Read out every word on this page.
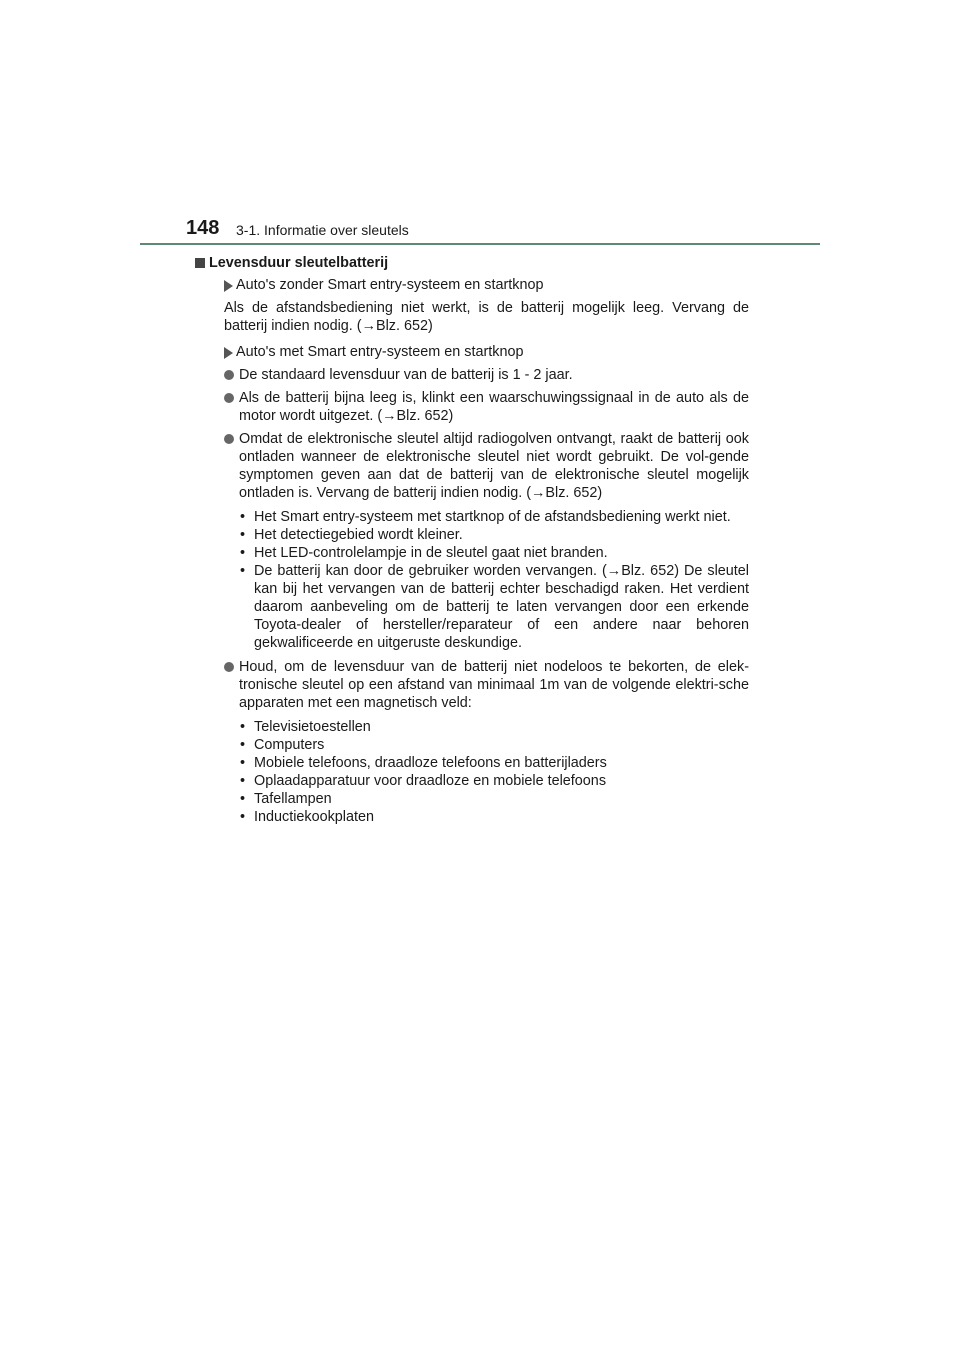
148 3-1. Informatie over sleutels
Levensduur sleutelbatterij
Auto's zonder Smart entry-systeem en startknop
Als de afstandsbediening niet werkt, is de batterij mogelijk leeg. Vervang de batterij indien nodig. (→Blz. 652)
Auto's met Smart entry-systeem en startknop
De standaard levensduur van de batterij is 1 - 2 jaar.
Als de batterij bijna leeg is, klinkt een waarschuwingssignaal in de auto als de motor wordt uitgezet. (→Blz. 652)
Omdat de elektronische sleutel altijd radiogolven ontvangt, raakt de batterij ook ontladen wanneer de elektronische sleutel niet wordt gebruikt. De vol-gende symptomen geven aan dat de batterij van de elektronische sleutel mogelijk ontladen is. Vervang de batterij indien nodig. (→Blz. 652)
• Het Smart entry-systeem met startknop of de afstandsbediening werkt niet.
• Het detectiegebied wordt kleiner.
• Het LED-controlelampje in de sleutel gaat niet branden.
• De batterij kan door de gebruiker worden vervangen. (→Blz. 652) De sleutel kan bij het vervangen van de batterij echter beschadigd raken. Het verdient daarom aanbeveling om de batterij te laten vervangen door een erkende Toyota-dealer of hersteller/reparateur of een andere naar behoren gekwalificeerde en uitgeruste deskundige.
Houd, om de levensduur van de batterij niet nodeloos te bekorten, de elek-tronische sleutel op een afstand van minimaal 1m van de volgende elektri-sche apparaten met een magnetisch veld:
• Televisietoestellen
• Computers
• Mobiele telefoons, draadloze telefoons en batterijladers
• Oplaadapparatuur voor draadloze en mobiele telefoons
• Tafellampen
• Inductiekookplaten
